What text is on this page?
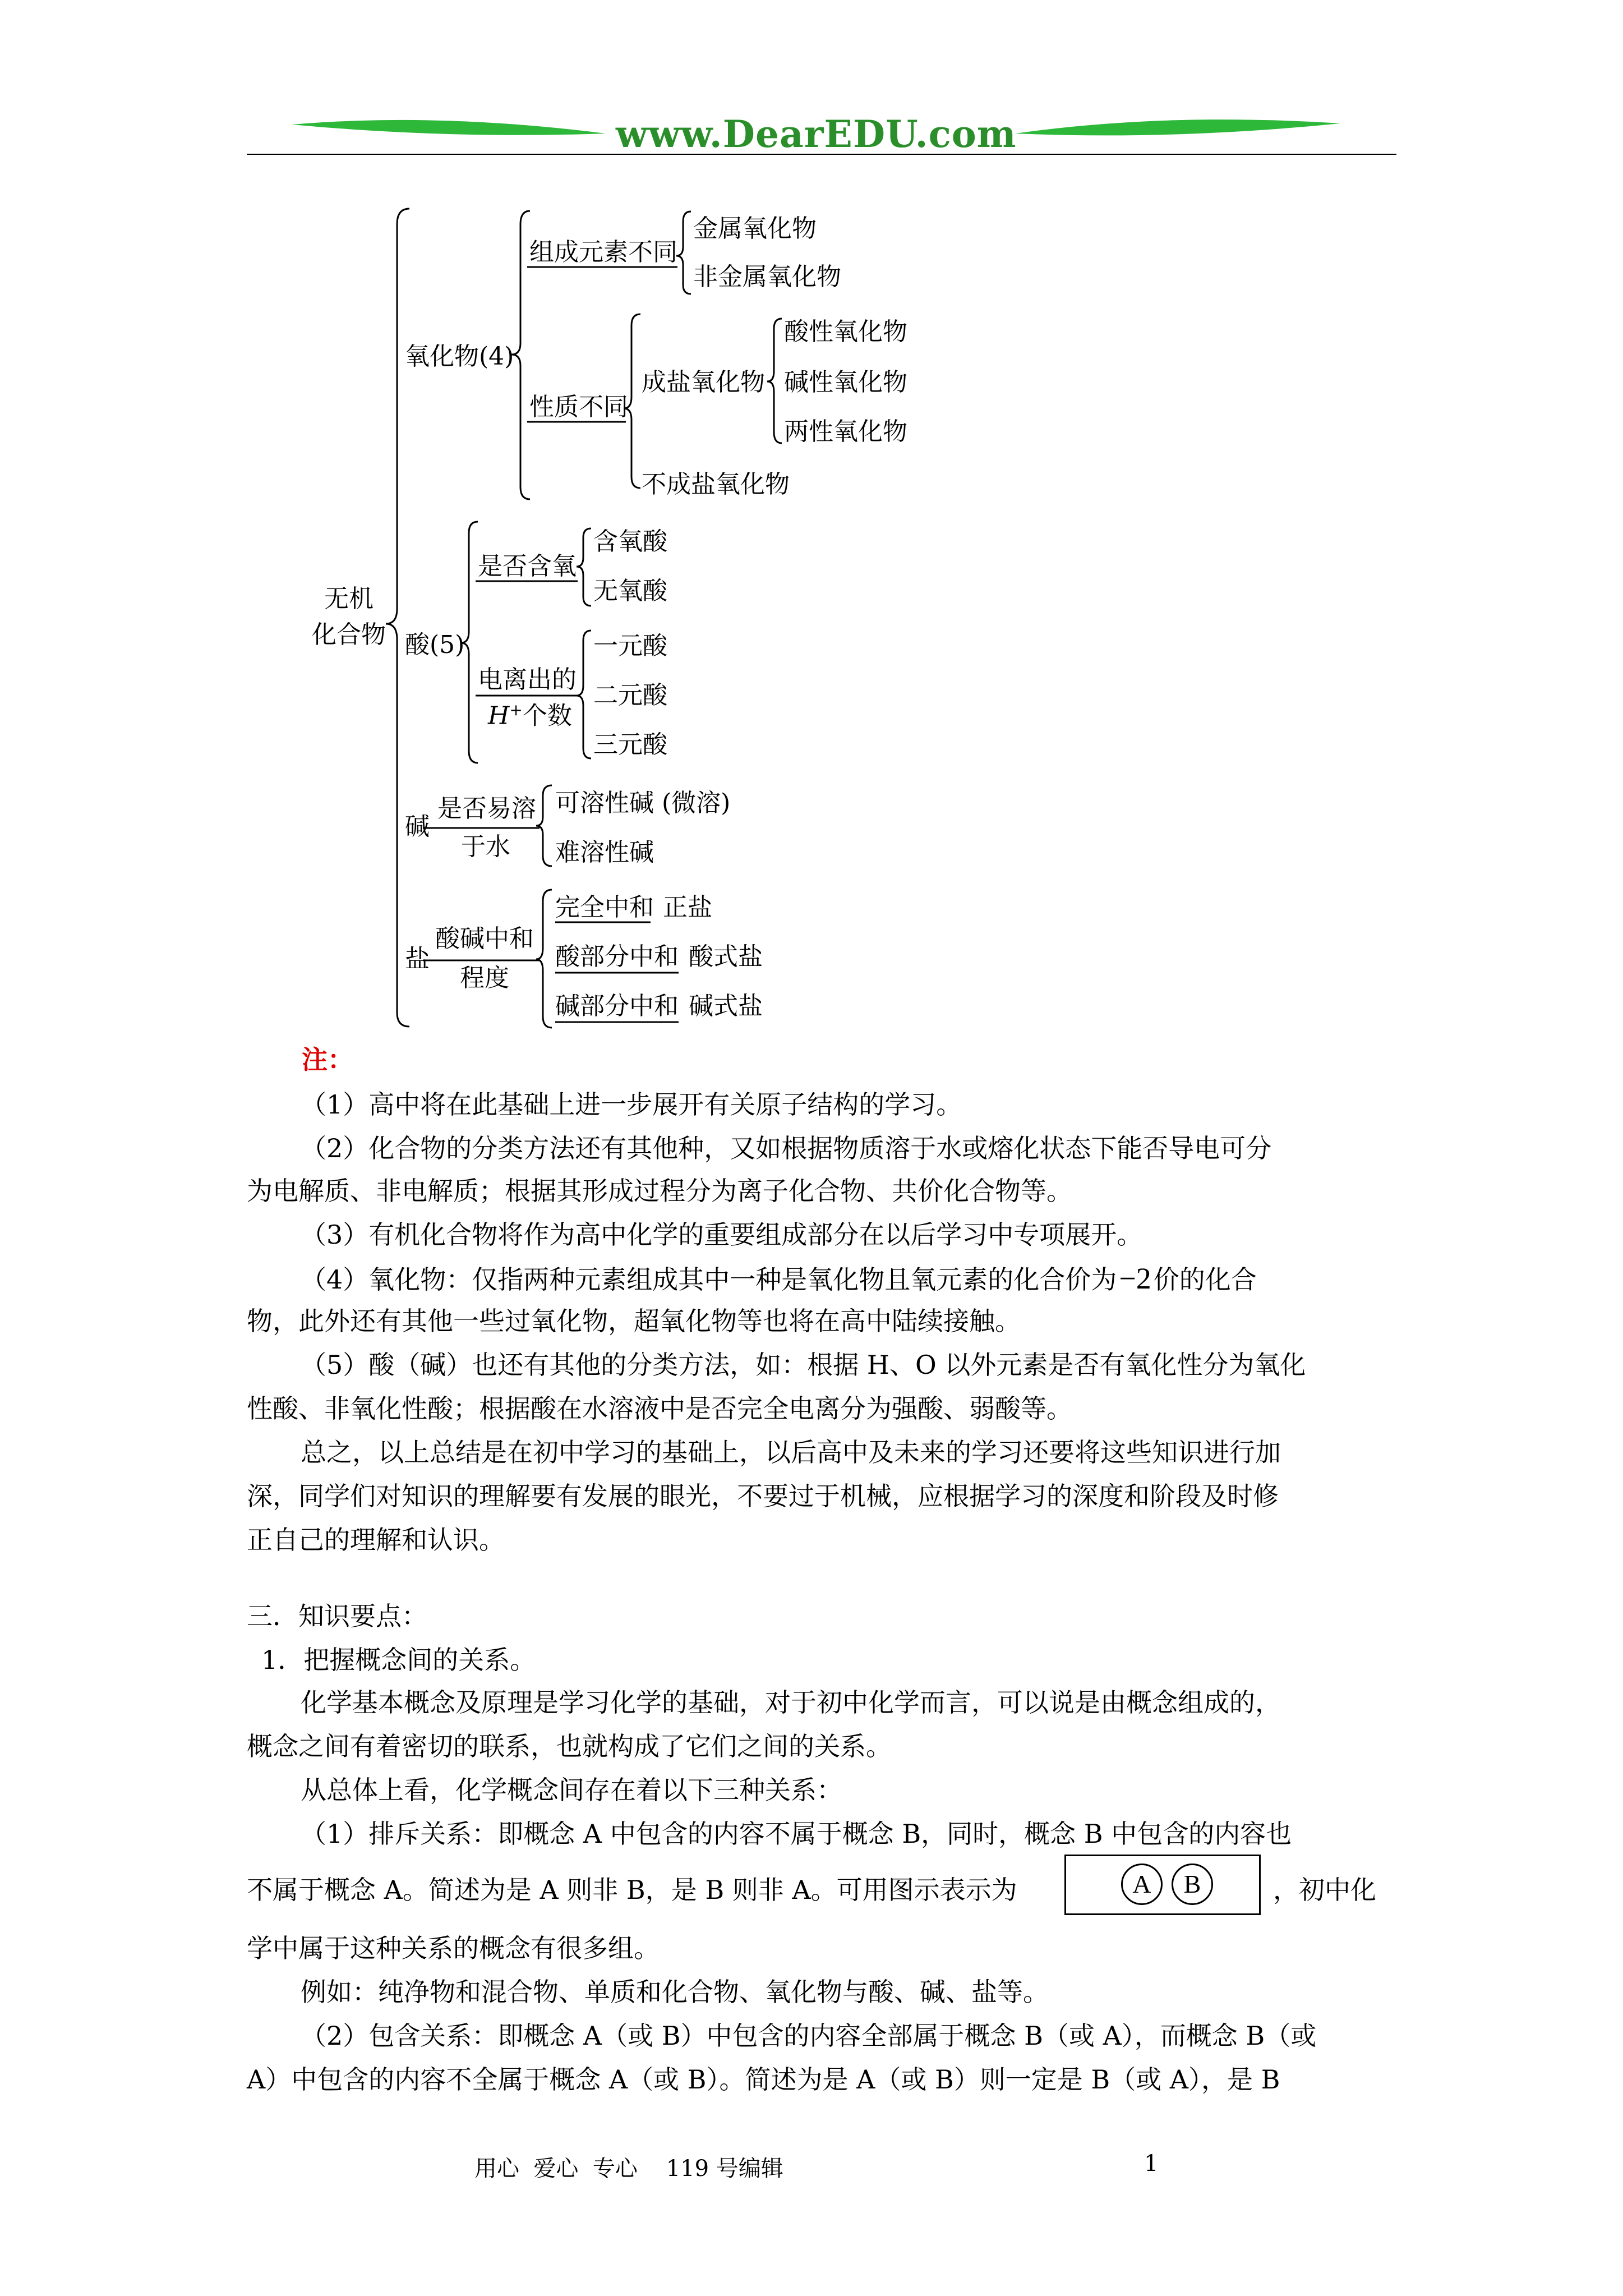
www.DearEDU.com
无机
化合物
氧化物(4)
组成元素不同
金属氧化物
非金属氧化物
性质不同
成盐氧化物
酸性氧化物
碱性氧化物
两性氧化物
不成盐氧化物
酸(5)
是否含氧
含氧酸
无氧酸
电离出的
H+个数
一元酸
二元酸
三元酸
碱
是否易溶
于水
可溶性碱 (微溶)
难溶性碱
盐
酸碱中和
程度
完全中和 正盐
酸部分中和 酸式盐
碱部分中和 碱式盐
注：
（1）高中将在此基础上进一步展开有关原子结构的学习。
（2）化合物的分类方法还有其他种，又如根据物质溶于水或熔化状态下能否导电可分
为电解质、非电解质；根据其形成过程分为离子化合物、共价化合物等。
（3）有机化合物将作为高中化学的重要组成部分在以后学习中专项展开。
（4）氧化物：仅指两种元素组成其中一种是氧化物且氧元素的化合价为−2价的化合
物，此外还有其他一些过氧化物，超氧化物等也将在高中陆续接触。
（5）酸（碱）也还有其他的分类方法，如：根据 H、O 以外元素是否有氧化性分为氧化
性酸、非氧化性酸；根据酸在水溶液中是否完全电离分为强酸、弱酸等。
总之，以上总结是在初中学习的基础上，以后高中及未来的学习还要将这些知识进行加
深，同学们对知识的理解要有发展的眼光，不要过于机械，应根据学习的深度和阶段及时修
正自己的理解和认识。
三．知识要点：
1．把握概念间的关系。
化学基本概念及原理是学习化学的基础，对于初中化学而言，可以说是由概念组成的，
概念之间有着密切的联系，也就构成了它们之间的关系。
从总体上看，化学概念间存在着以下三种关系：
（1）排斥关系：即概念 A 中包含的内容不属于概念 B，同时，概念 B 中包含的内容也
不属于概念 A。简述为是 A 则非 B，是 B 则非 A。可用图示表示为	A	B	，初中化
学中属于这种关系的概念有很多组。
例如：纯净物和混合物、单质和化合物、氧化物与酸、碱、盐等。
（2）包含关系：即概念 A（或 B）中包含的内容全部属于概念 B（或 A），而概念 B（或
A）中包含的内容不全属于概念 A（或 B）。简述为是 A（或 B）则一定是 B（或 A），是 B
用心  爱心  专心    119 号编辑	1
